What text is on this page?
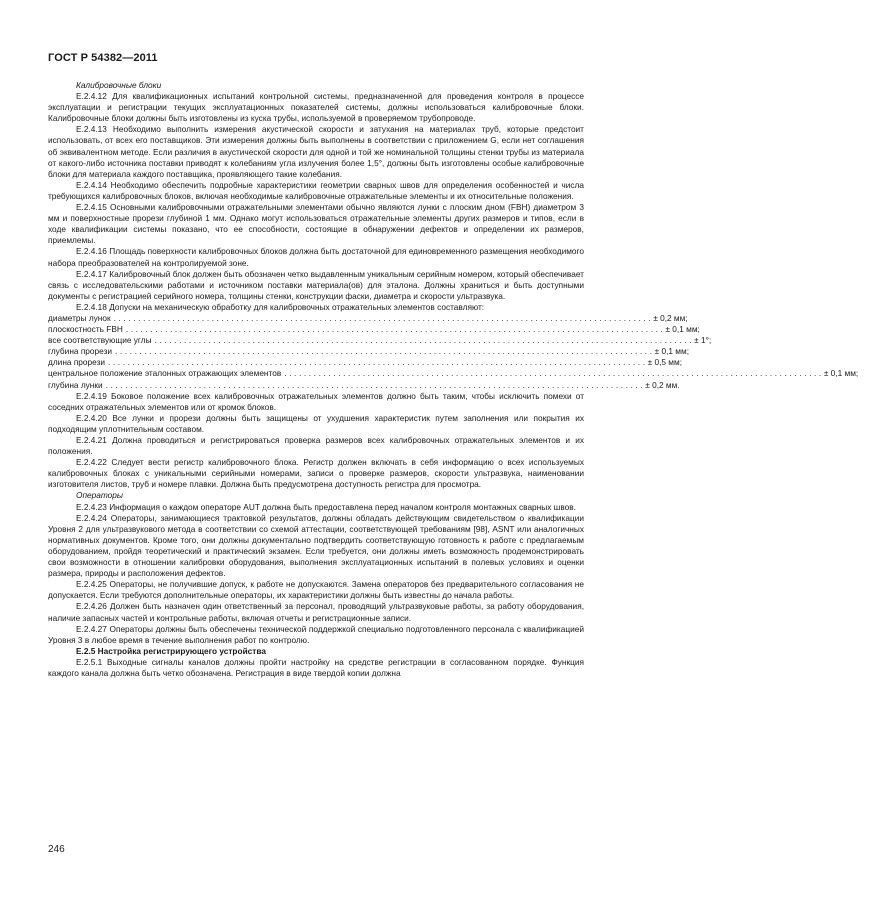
ГОСТ Р 54382—2011

Калибровочные блоки

Е.2.4.12 Для квалификационных испытаний контрольной системы, предназначенной для проведения контроля в процессе эксплуатации и регистрации текущих эксплуатационных показателей системы, должны использоваться калибровочные блоки. Калибровочные блоки должны быть изготовлены из куска трубы, используемой в проверяемом трубопроводе.

Е.2.4.13 Необходимо выполнить измерения акустической скорости и затухания на материалах труб, которые предстоит использовать, от всех его поставщиков. Эти измерения должны быть выполнены в соответствии с приложением G, если нет соглашения об эквивалентном методе. Если различия в акустической скорости для одной и той же номинальной толщины стенки трубы из материала от какого-либо источника поставки приводят к колебаниям угла излучения более 1,5°, должны быть изготовлены особые калибровочные блоки для материала каждого поставщика, проявляющего такие колебания.

Е.2.4.14 Необходимо обеспечить подробные характеристики геометрии сварных швов для определения особенностей и числа требующихся калибровочных блоков, включая необходимые калибровочные отражательные элементы и их относительные положения.

Е.2.4.15 Основными калибровочными отражательными элементами обычно являются лунки с плоским дном (FBH) диаметром 3 мм и поверхностные прорези глубиной 1 мм. Однако могут использоваться отражательные элементы других размеров и типов, если в ходе квалификации системы показано, что ее способности, состоящие в обнаружении дефектов и определении их размеров, приемлемы.

Е.2.4.16 Площадь поверхности калибровочных блоков должна быть достаточной для единовременного размещения необходимого набора преобразователей на контролируемой зоне.

Е.2.4.17 Калибровочный блок должен быть обозначен четко выдавленным уникальным серийным номером, который обеспечивает связь с исследовательскими работами и источником поставки материала(ов) для эталона. Должны храниться и быть доступными документы с регистрацией серийного номера, толщины стенки, конструкции фаски, диаметра и скорости ультразвука.

Е.2.4.18 Допуски на механическую обработку для калибровочных отражательных элементов составляют:

диаметры лунок .............................................................................................................. ± 0,2 мм;
плоскостность FBH .............................................................................................................. ± 0,1 мм;
все соответствующие углы .............................................................................................................. ± 1°;
глубина прорези .............................................................................................................. ± 0,1 мм;
длина прорези .............................................................................................................. ± 0,5 мм;
центральное положение эталонных отражающих элементов .............................................................................................................. ± 0,1 мм;
глубина лунки .............................................................................................................. ± 0,2 мм.

Е.2.4.19 Боковое положение всех калибровочных отражательных элементов должно быть таким, чтобы исключить помехи от соседних отражательных элементов или от кромок блоков.

Е.2.4.20 Все лунки и прорези должны быть защищены от ухудшения характеристик путем заполнения или покрытия их подходящим уплотнительным составом.

Е.2.4.21 Должна проводиться и регистрироваться проверка размеров всех калибровочных отражательных элементов и их положения.

Е.2.4.22 Следует вести регистр калибровочного блока. Регистр должен включать в себя информацию о всех используемых калибровочных блоках с уникальными серийными номерами, записи о проверке размеров, скорости ультразвука, наименовании изготовителя листов, труб и номере плавки. Должна быть предусмотрена доступность регистра для просмотра.

Операторы

Е.2.4.23 Информация о каждом операторе AUT должна быть предоставлена перед началом контроля монтажных сварных швов.

Е.2.4.24 Операторы, занимающиеся трактовкой результатов, должны обладать действующим свидетельством о квалификации Уровня 2 для ультразвукового метода в соответствии со схемой аттестации, соответствующей требованиям [98], ASNT или аналогичных нормативных документов. Кроме того, они должны документально подтвердить соответствующую готовность к работе с предлагаемым оборудованием, пройдя теоретический и практический экзамен. Если требуется, они должны иметь возможность продемонстрировать свои возможности в отношении калибровки оборудования, выполнения эксплуатационных испытаний в полевых условиях и оценки размера, природы и расположения дефектов.

Е.2.4.25 Операторы, не получившие допуск, к работе не допускаются. Замена операторов без предварительного согласования не допускается. Если требуются дополнительные операторы, их характеристики должны быть известны до начала работы.

Е.2.4.26 Должен быть назначен один ответственный за персонал, проводящий ультразвуковые работы, за работу оборудования, наличие запасных частей и контрольные работы, включая отчеты и регистрационные записи.

Е.2.4.27 Операторы должны быть обеспечены технической поддержкой специально подготовленного персонала с квалификацией Уровня 3 в любое время в течение выполнения работ по контролю.

Е.2.5 Настройка регистрирующего устройства

Е.2.5.1 Выходные сигналы каналов должны пройти настройку на средстве регистрации в согласованном порядке. Функция каждого канала должна быть четко обозначена. Регистрация в виде твердой копии должна

246
